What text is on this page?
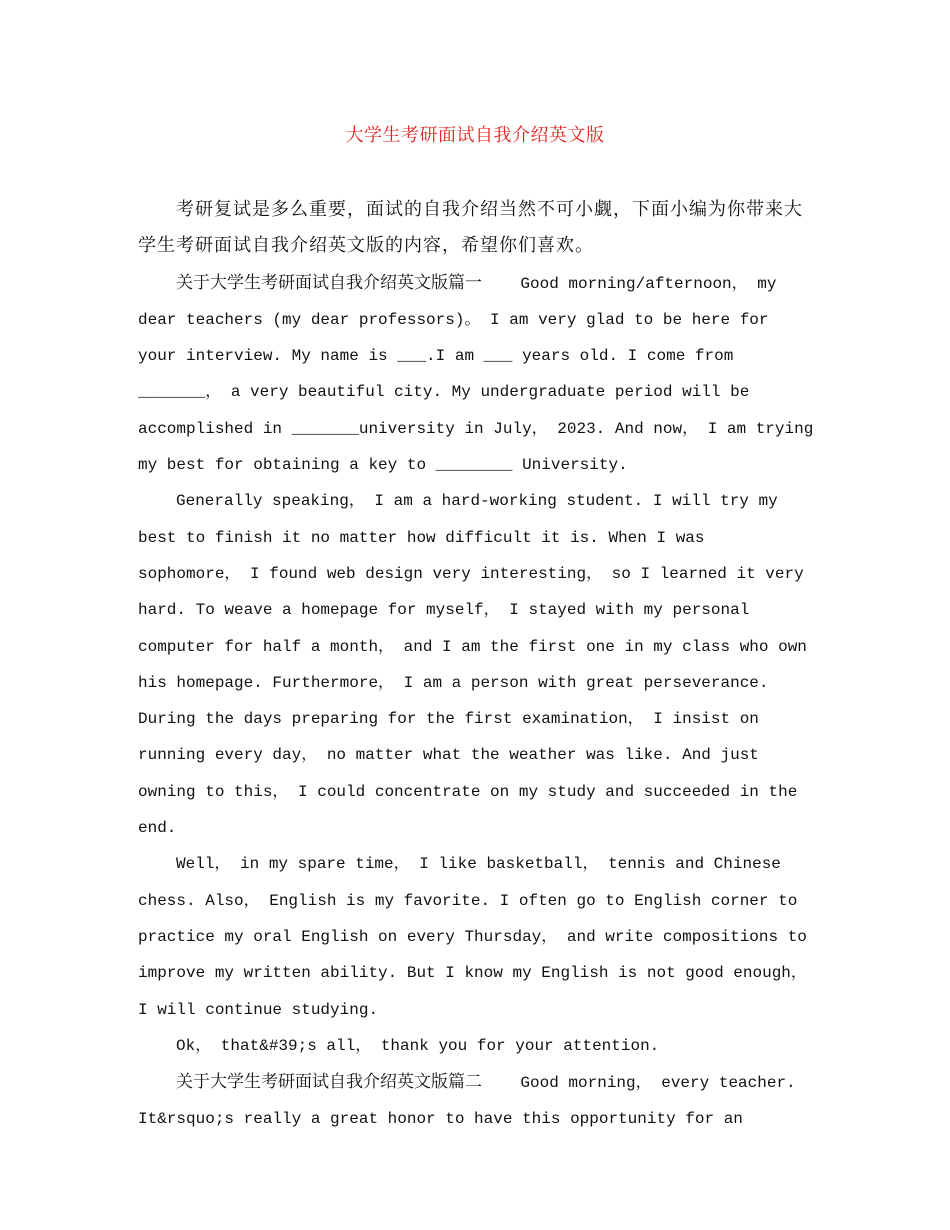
大学生考研面试自我介绍英文版

考研复试是多么重要，面试的自我介绍当然不可小觑，下面小编为你带来大学生考研面试自我介绍英文版的内容，希望你们喜欢。

关于大学生考研面试自我介绍英文版篇一    Good morning/afternoon， my dear teachers (my dear professors)。 I am very glad to be here for your interview. My name is ___.I am ___ years old. I come from _______， a very beautiful city. My undergraduate period will be accomplished in _______university in July， 2023. And now， I am trying my best for obtaining a key to ________ University.

Generally speaking， I am a hard-working student. I will try my best to finish it no matter how difficult it is. When I was sophomore， I found web design very interesting， so I learned it very hard. To weave a homepage for myself， I stayed with my personal computer for half a month， and I am the first one in my class who own his homepage. Furthermore， I am a person with great perseverance. During the days preparing for the first examination， I insist on running every day， no matter what the weather was like. And just owning to this， I could concentrate on my study and succeeded in the end.

Well， in my spare time， I like basketball， tennis and Chinese chess. Also， English is my favorite. I often go to English corner to practice my oral English on every Thursday， and write compositions to improve my written ability. But I know my English is not good enough， I will continue studying.

Ok， that&#39;s all， thank you for your attention.

关于大学生考研面试自我介绍英文版篇二    Good morning， every teacher. It&rsquo;s really a great honor to have this opportunity for an
